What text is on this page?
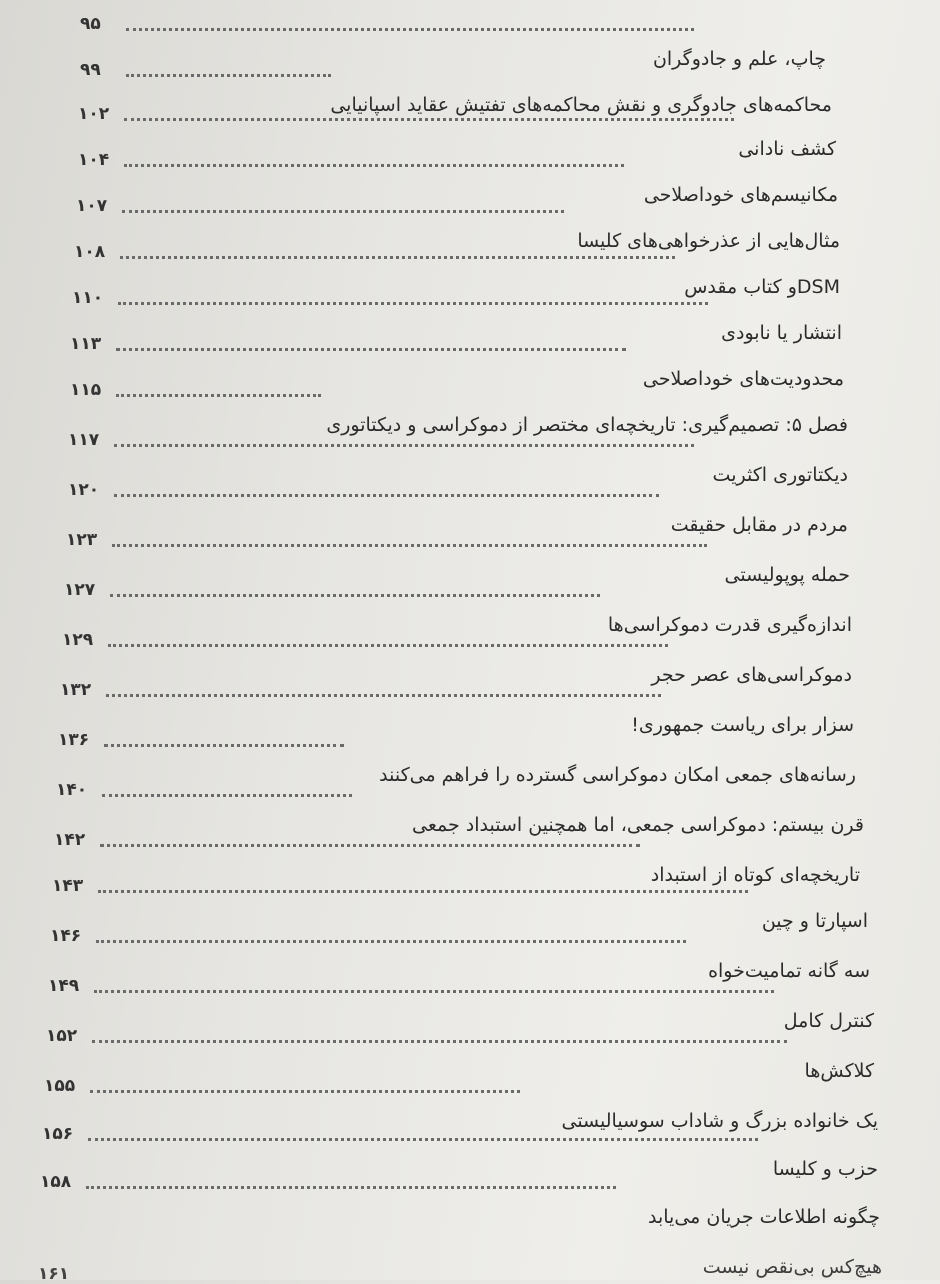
۹۵
چاپ، علم و جادوگران
۹۹
محاکمه‌های جادوگری و نقش محاکمه‌های تفتیش عقاید اسپانیایی
۱۰۲
کشف نادانی
۱۰۴
مکانیسم‌های خوداصلاحی
۱۰۷
مثال‌هایی از عذرخواهی‌های کلیسا
۱۰۸
DSMو کتاب مقدس
۱۱۰
انتشار یا نابودی
۱۱۳
محدودیت‌های خوداصلاحی
۱۱۵
فصل ۵: تصمیم‌گیری: تاریخچه‌ای مختصر از دموکراسی و دیکتاتوری
۱۱۷
دیکتاتوری اکثریت
۱۲۰
مردم در مقابل حقیقت
۱۲۳
حمله پوپولیستی
۱۲۷
اندازه‌گیری قدرت دموکراسی‌ها
۱۲۹
دموکراسی‌های عصر حجر
۱۳۲
سزار برای ریاست جمهوری!
۱۳۶
رسانه‌های جمعی امکان دموکراسی گسترده را فراهم می‌کنند
۱۴۰
قرن بیستم: دموکراسی جمعی، اما همچنین استبداد جمعی
۱۴۲
تاریخچه‌ای کوتاه از استبداد
۱۴۳
اسپارتا و چین
۱۴۶
سه گانه تمامیت‌خواه
۱۴۹
کنترل کامل
۱۵۲
کلاکش‌ها
۱۵۵
یک خانواده بزرگ و شاداب سوسیالیستی
۱۵۶
حزب و کلیسا
۱۵۸
چگونه اطلاعات جریان می‌یابد
۱۶۱	هیچ‌کس بی‌نقص نیست
